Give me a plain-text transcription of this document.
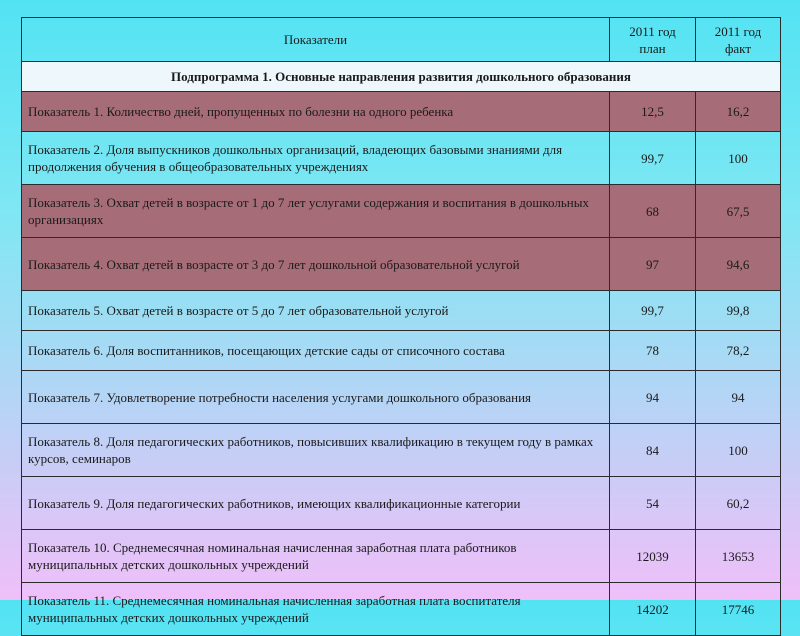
Показатели	2011 год план	2011 год факт
Подпрограмма 1. Основные направления развития дошкольного образования		
Показатель 1. Количество дней, пропущенных по болезни на одного ребенка	12,5	16,2
Показатель 2. Доля выпускников дошкольных организаций, владеющих базовыми знаниями для продолжения обучения в общеобразовательных учреждениях	99,7	100
Показатель 3. Охват детей в возрасте от 1 до 7 лет услугами содержания и воспитания в дошкольных организациях	68	67,5
Показатель 4. Охват детей в возрасте от 3 до 7 лет дошкольной образовательной услугой	97	94,6
Показатель 5. Охват детей в возрасте от 5 до 7 лет образовательной услугой	99,7	99,8
Показатель 6. Доля воспитанников, посещающих детские сады от списочного состава	78	78,2
Показатель 7. Удовлетворение потребности населения услугами дошкольного образования	94	94
Показатель 8. Доля педагогических работников, повысивших квалификацию в текущем году в рамках курсов, семинаров	84	100
Показатель 9. Доля педагогических работников, имеющих квалификационные категории	54	60,2
Показатель 10. Среднемесячная номинальная начисленная заработная плата работников муниципальных детских дошкольных учреждений	12039	13653
Показатель 11. Среднемесячная номинальная начисленная заработная плата воспитателя муниципальных детских дошкольных учреждений	14202	17746
